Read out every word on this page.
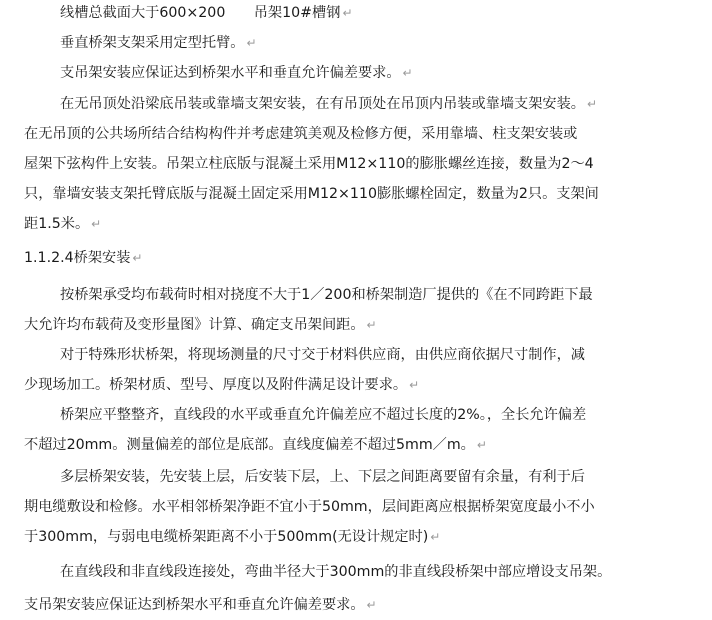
线槽总截面大于600×200　　吊架10#槽钢 ↵
垂直桥架支架采用定型托臂。 ↵
支吊架安装应保证达到桥架水平和垂直允许偏差要求。 ↵
在无吊顶处沿梁底吊装或靠墙支架安装，在有吊顶处在吊顶内吊装或靠墙支架安装。 ↵
在无吊顶的公共场所结合结构构件并考虑建筑美观及检修方便，采用靠墙、柱支架安装或
屋架下弦构件上安装。吊架立柱底版与混凝土采用M12×110的膨胀螺丝连接，数量为2～4
只，靠墙安装支架托臂底版与混凝土固定采用M12×110膨胀螺栓固定，数量为2只。支架间
距1.5米。 ↵
1.1.2.4桥架安装 ↵
按桥架承受均布载荷时相对挠度不大于1／200和桥架制造厂提供的《在不同跨距下最
大允许均布载荷及变形量图》计算、确定支吊架间距。 ↵
对于特殊形状桥架，将现场测量的尺寸交于材料供应商，由供应商依据尺寸制作，减
少现场加工。桥架材质、型号、厚度以及附件满足设计要求。 ↵
桥架应平整整齐，直线段的水平或垂直允许偏差应不超过长度的2%。，全长允许偏差
不超过20mm。测量偏差的部位是底部。直线度偏差不超过5mm／m。 ↵
多层桥架安装，先安装上层，后安装下层，上、下层之间距离要留有余量，有利于后
期电缆敷设和检修。水平相邻桥架净距不宜小于50mm，层间距离应根据桥架宽度最小不小
于300mm，与弱电电缆桥架距离不小于500mm(无设计规定时) ↵
在直线段和非直线段连接处，弯曲半径大于300mm的非直线段桥架中部应增设支吊架。
支吊架安装应保证达到桥架水平和垂直允许偏差要求。 ↵
